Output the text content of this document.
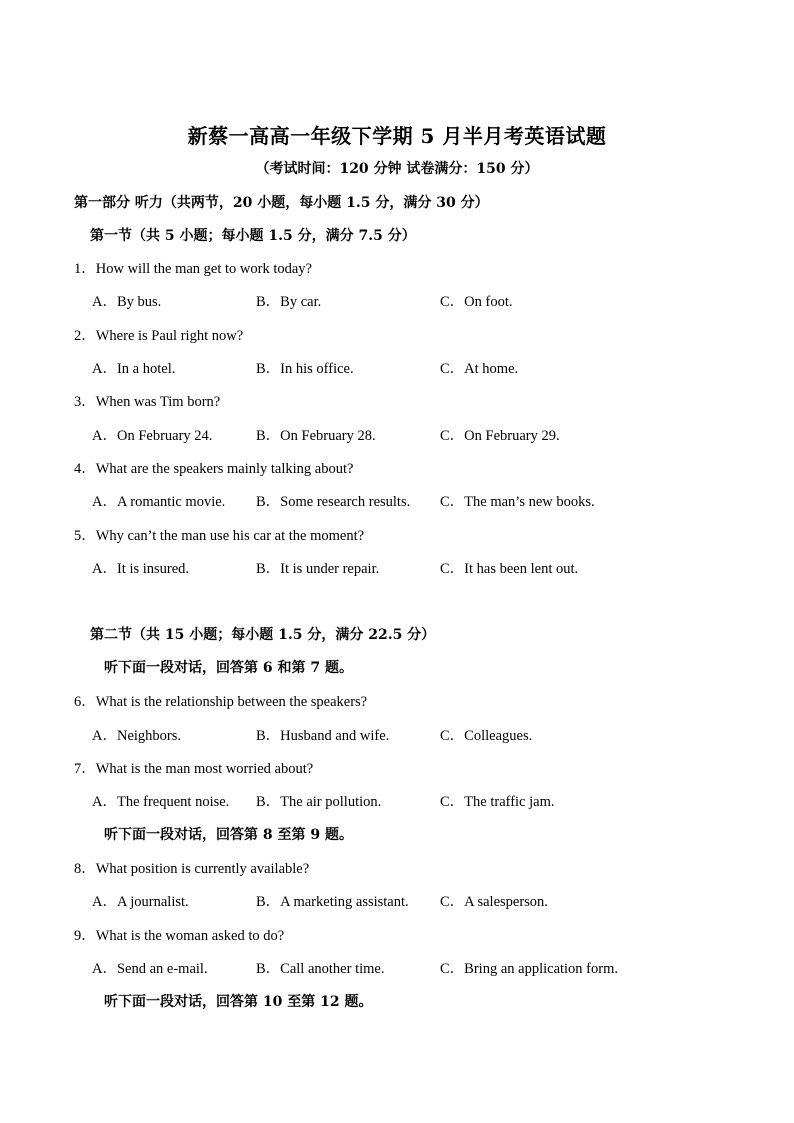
新蔡一高高一年级下学期 5 月半月考英语试题
（考试时间：120 分钟 试卷满分：150 分）
第一部分 听力（共两节，20 小题，每小题 1.5 分，满分 30 分）
第一节（共 5 小题；每小题 1.5 分，满分 7.5 分）
1．How will the man get to work today?
A．By bus.	B．By car.	C．On foot.
2．Where is Paul right now?
A．In a hotel.	B．In his office.	C．At home.
3．When was Tim born?
A．On February 24.	B．On February 28.	C．On February 29.
4．What are the speakers mainly talking about?
A．A romantic movie. B．Some research results. C．The man’s new books.
5．Why can’t the man use his car at the moment?
A．It is insured.	B．It is under repair.	C．It has been lent out.
第二节（共 15 小题；每小题 1.5 分，满分 22.5 分）
听下面一段对话，回答第 6 和第 7 题。
6．What is the relationship between the speakers?
A．Neighbors.	B．Husband and wife.	C．Colleagues.
7．What is the man most worried about?
A．The frequent noise. B．The air pollution.	C．The traffic jam.
听下面一段对话，回答第 8 至第 9 题。
8．What position is currently available?
A．A journalist.	B．A marketing assistant. C．A salesperson.
9．What is the woman asked to do?
A．Send an e-mail.	B．Call another time.	C．Bring an application form.
听下面一段对话，回答第 10 至第 12 题。
